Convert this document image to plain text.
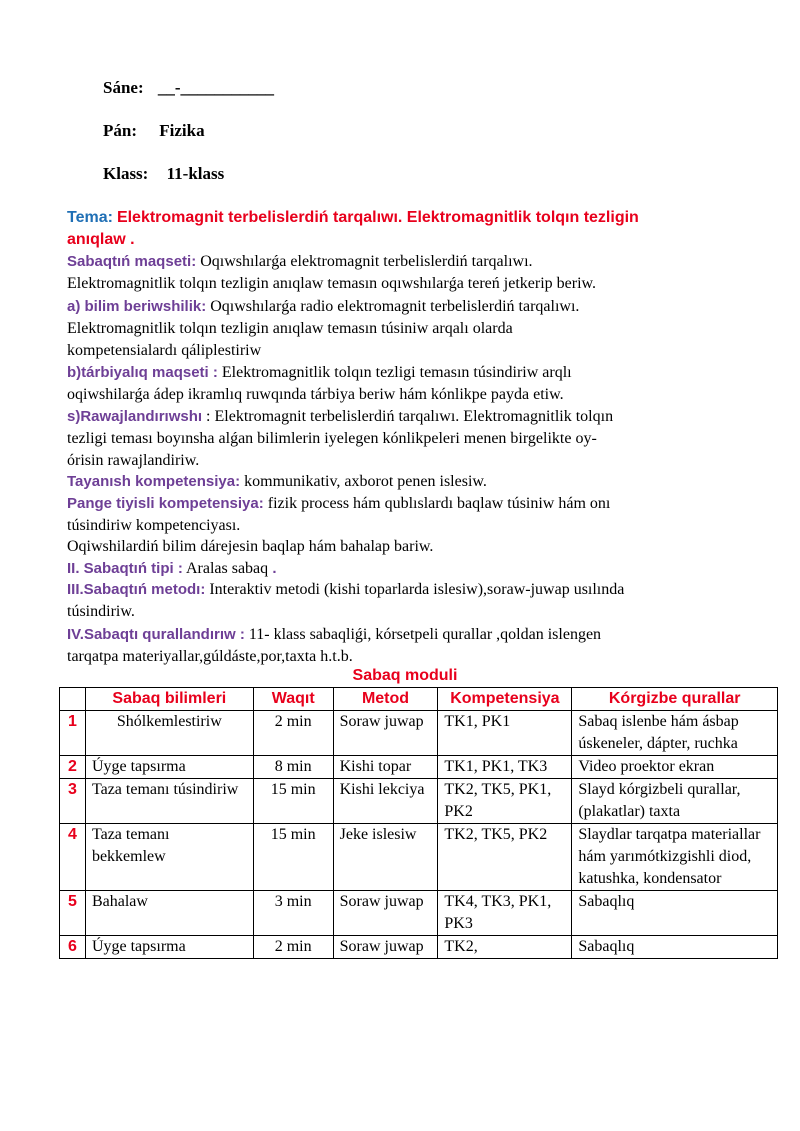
Sáne: __-___________
Pán: Fizika
Klass: 11-klass
Tema: Elektromagnit terbelislerdiń tarqalıwı. Elektromagnitlik tolqın tezligin
anıqlaw .
Sabaqtıń maqseti: Oqıwshılarǵa elektromagnit terbelislerdiń tarqalıwı.
Elektromagnitlik tolqın tezligin anıqlaw temasın oqıwshılarǵa tereń jetkerip beriw.
a) bilim beriwshilik: Oqıwshılarǵa radio elektromagnit terbelislerdiń tarqalıwı.
Elektromagnitlik tolqın tezligin anıqlaw temasın túsiniw arqalı olarda
kompetensialardı qáliplestiriw
b)tárbiyalıq maqseti : Elektromagnitlik tolqın tezligi temasın túsindiriw arqlı
oqiwshilarǵa ádep ikramlıq ruwqında tárbiya beriw hám kónlikpe payda etiw.
s)Rawajlandırıwshı : Elektromagnit terbelislerdiń tarqalıwı. Elektromagnitlik tolqın
tezligi teması boyınsha alǵan bilimlerin iyelegen kónlikpeleri menen birgelikte oy-
órisin rawajlandiriw.
Tayanısh kompetensiya: kommunikativ, axborot penen islesiw.
Pange tiyisli kompetensiya: fizik process hám qublıslardı baqlaw túsiniw hám onı
túsindiriw kompetenciyası.
Oqiwshilardiń bilim dárejesin baqlap hám bahalap bariw.
II. Sabaqtıń tipi : Aralas sabaq .
III.Sabaqtıń metodı: Interaktiv metodi (kishi toparlarda islesiw),soraw-juwap usılında
túsindiriw.
IV.Sabaqtı qurallandırıw : 11- klass sabaqliǵi, kórsetpeli qurallar ,qoldan islengen
tarqatpa materiyallar,gúldáste,por,taxta h.t.b.
Sabaq moduli
	Sabaq bilimleri	Waqıt	Metod	Kompetensiya	Kórgizbe qurallar
1	Shólkemlestiriw	2 min	Soraw juwap	TK1, PK1	Sabaq islenbe hám ásbap úskeneler, dápter, ruchka
2	Úyge tapsırma	8 min	Kishi topar	TK1, PK1, TK3	Video proektor ekran
3	Taza temanı túsindiriw	15 min	Kishi lekciya	TK2, TK5, PK1, PK2	Slayd kórgizbeli qurallar,(plakatlar) taxta
4	Taza temanı bekkemlew	15 min	Jeke islesiw	TK2, TK5, PK2	Slaydlar tarqatpa materiallar hám yarımótkizgishli diod, katushka, kondensator
5	Bahalaw	3 min	Soraw juwap	TK4, TK3, PK1, PK3	Sabaqlıq
6	Úyge tapsırma	2 min	Soraw juwap	TK2,	Sabaqlıq
